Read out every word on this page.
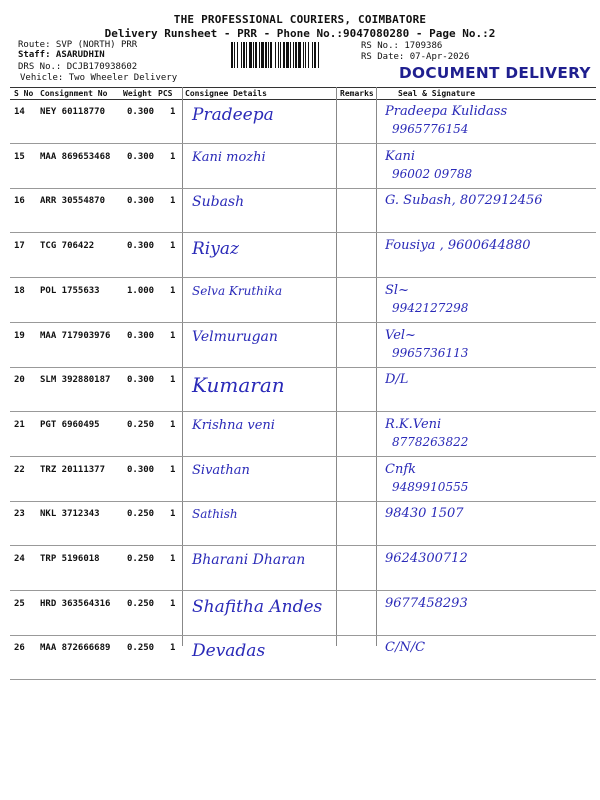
THE PROFESSIONAL COURIERS, COIMBATORE
Delivery Runsheet - PRR - Phone No.:9047080280 - Page No.:2
Route: SVP (NORTH) PRR
Staff: ASARUDHIN
DRS No.: DCJB170938602
Vehicle: Two Wheeler Delivery
RS No.: 1709386
RS Date: 07-Apr-2026
DOCUMENT DELIVERY
S No Consignment No Weight PCS Consignee Details	Remarks	Seal & Signature
14 NEY 60118770 0.300 1 Pradeepa	Pradeepa Kulidass
9965776154
15 MAA 869653468 0.300 1 Kani mozhi	Kani
96002 09788
16 ARR 30554870 0.300 1 Subash	G. Subash, 8072912456
17 TCG 706422	0.300 1 Riyaz	Fousiya , 9600644880
18 POL 1755633	1.000 1 Selva Kruthika	Sl~
9942127298
19 MAA 717903976 0.300 1 Velmurugan	Vel~
9965736113
20 SLM 392880187 0.300 1 Kumaran	D/L
21 PGT 6960495	0.250 1 Krishna veni	R.K.Veni
8778263822
22 TRZ 20111377 0.300 1 Sivathan	Cnfk
9489910555
23 NKL 3712343	0.250 1 Sathish	98430 1507
24 TRP 5196018	0.250 1 Bharani Dharan	9624300712
25 HRD 363564316 0.250 1 Shafitha Andes	9677458293
26 MAA 872666689 0.250 1 Devadas	C/N/C
